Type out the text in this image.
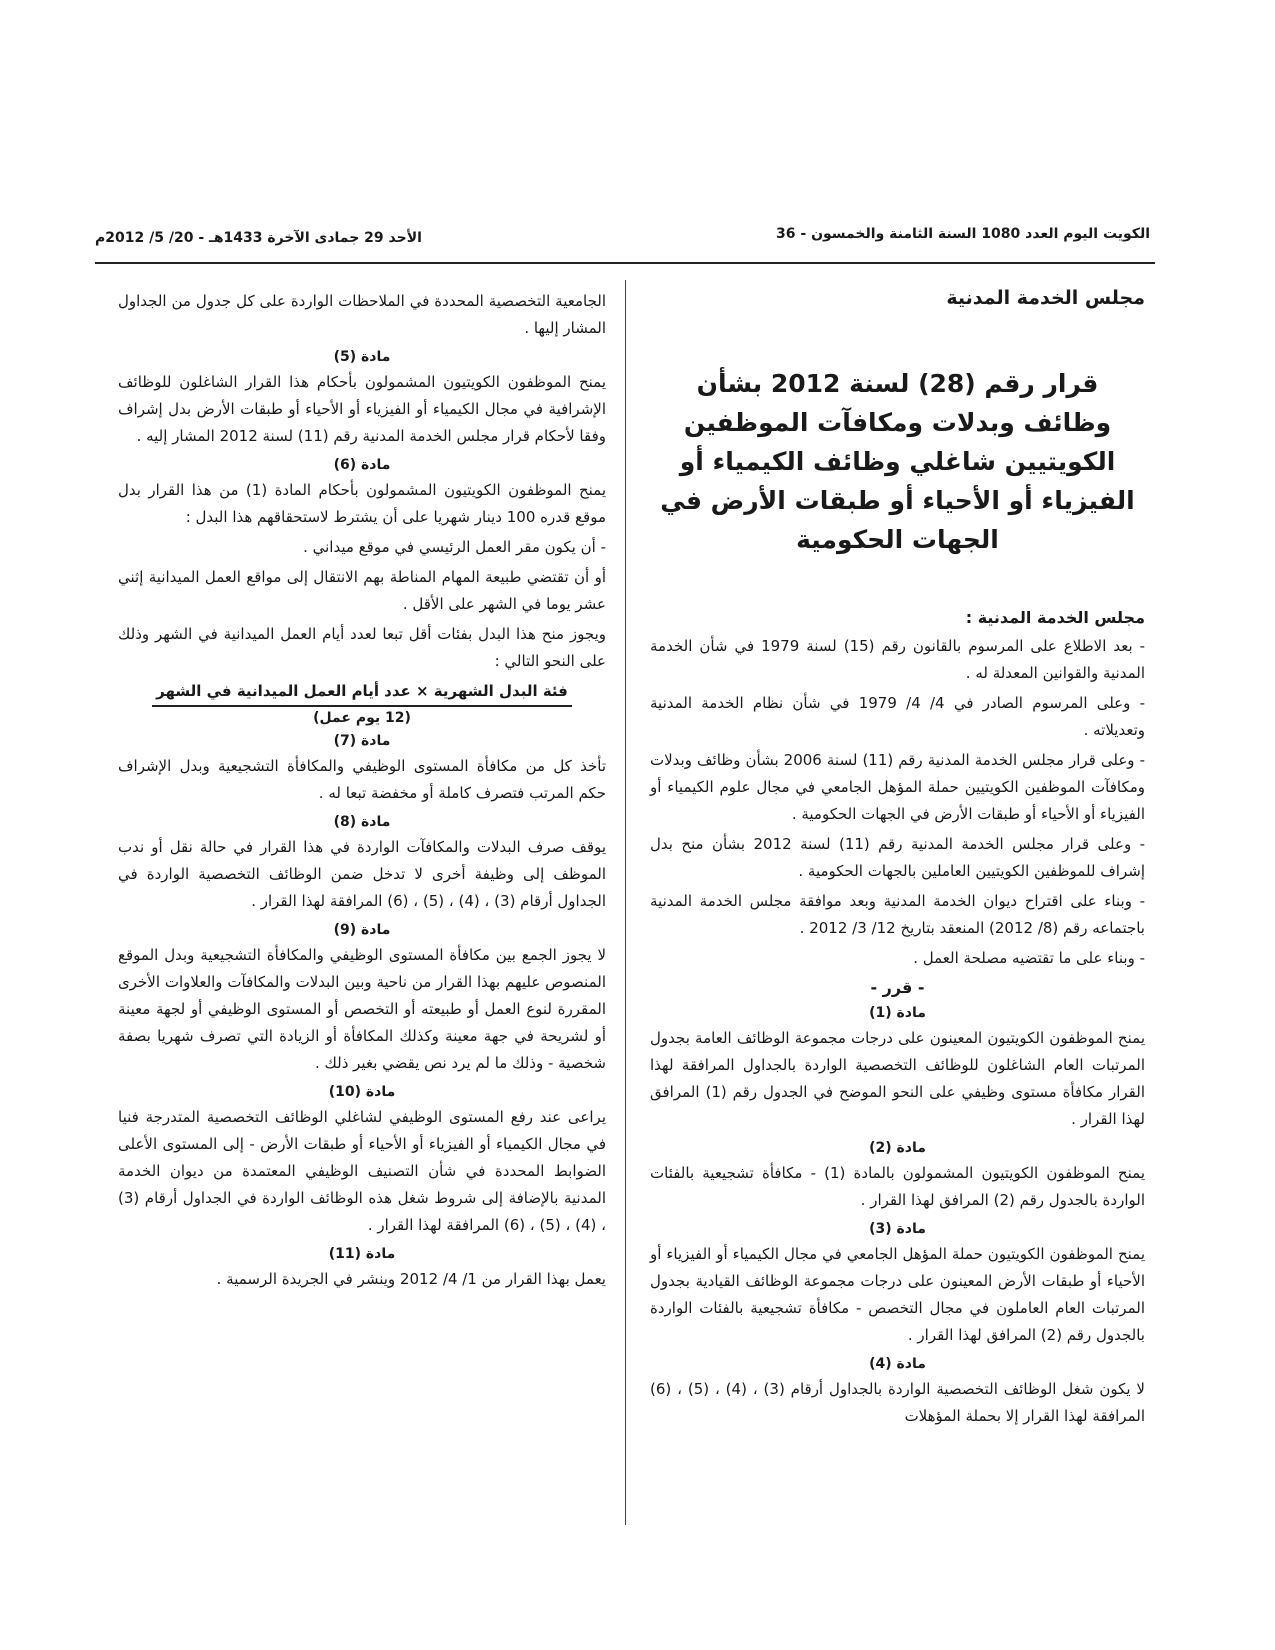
الكويت اليوم العدد 1080 السنة الثامنة والخمسون - 36
الأحد 29 جمادى الآخرة 1433هـ - 20/ 5/ 2012م
مجلس الخدمة المدنية
قرار رقم (28) لسنة 2012 بشأن وظائف وبدلات ومكافآت الموظفين الكويتيين شاغلي وظائف الكيمياء أو الفيزياء أو الأحياء أو طبقات الأرض في الجهات الحكومية
مجلس الخدمة المدنية :

- بعد الاطلاع على المرسوم بالقانون رقم (15) لسنة 1979 في شأن الخدمة المدنية والقوانين المعدلة له .

- وعلى المرسوم الصادر في 4/ 4/ 1979 في شأن نظام الخدمة المدنية وتعديلاته .

- وعلى قرار مجلس الخدمة المدنية رقم (11) لسنة 2006 بشأن وظائف وبدلات ومكافآت الموظفين الكويتيين حملة المؤهل الجامعي في مجال علوم الكيمياء أو الفيزياء أو الأحياء أو طبقات الأرض في الجهات الحكومية .

- وعلى قرار مجلس الخدمة المدنية رقم (11) لسنة 2012 بشأن منح بدل إشراف للموظفين الكويتيين العاملين بالجهات الحكومية .

- وبناء على اقتراح ديوان الخدمة المدنية وبعد موافقة مجلس الخدمة المدنية باجتماعه رقم (8/ 2012) المنعقد بتاريخ 12/ 3/ 2012 .

- وبناء على ما تقتضيه مصلحة العمل .

- قرر -
مادة (1)

يمنح الموظفون الكويتيون المعينون على درجات مجموعة الوظائف العامة بجدول المرتبات العام الشاغلون للوظائف التخصصية الواردة بالجداول المرافقة لهذا القرار مكافأة مستوى وظيفي على النحو الموضح في الجدول رقم (1) المرافق لهذا القرار .

مادة (2)

يمنح الموظفون الكويتيون المشمولون بالمادة (1) - مكافأة تشجيعية بالفئات الواردة بالجدول رقم (2) المرافق لهذا القرار .

مادة (3)

يمنح الموظفون الكويتيون حملة المؤهل الجامعي في مجال الكيمياء أو الفيزياء أو الأحياء أو طبقات الأرض المعينون على درجات مجموعة الوظائف القيادية بجدول المرتبات العام العاملون في مجال التخصص - مكافأة تشجيعية بالفئات الواردة بالجدول رقم (2) المرافق لهذا القرار .

مادة (4)

لا يكون شغل الوظائف التخصصية الواردة بالجداول أرقام (3) ، (4) ، (5) ، (6) المرافقة لهذا القرار إلا بحملة المؤهلات

الجامعية التخصصية المحددة في الملاحظات الواردة على كل جدول من الجداول المشار إليها .

مادة (5)

يمنح الموظفون الكويتيون المشمولون بأحكام هذا القرار الشاغلون للوظائف الإشرافية في مجال الكيمياء أو الفيزياء أو الأحياء أو طبقات الأرض بدل إشراف وفقا لأحكام قرار مجلس الخدمة المدنية رقم (11) لسنة 2012 المشار إليه .

مادة (6)

يمنح الموظفون الكويتيون المشمولون بأحكام المادة (1) من هذا القرار بدل موقع قدره 100 دينار شهريا على أن يشترط لاستحقاقهم هذا البدل :

- أن يكون مقر العمل الرئيسي في موقع ميداني .

أو أن تقتضي طبيعة المهام المناطة بهم الانتقال إلى مواقع العمل الميدانية إثني عشر يوما في الشهر على الأقل .

ويجوز منح هذا البدل بفئات أقل تبعا لعدد أيام العمل الميدانية في الشهر وذلك على النحو التالي :

فئة البدل الشهرية × عدد أيام العمل الميدانية في الشهر
(12 يوم عمل)
مادة (7)

تأخذ كل من مكافأة المستوى الوظيفي والمكافأة التشجيعية وبدل الإشراف حكم المرتب فتصرف كاملة أو مخفضة تبعا له .

مادة (8)

يوقف صرف البدلات والمكافآت الواردة في هذا القرار في حالة نقل أو ندب الموظف إلى وظيفة أخرى لا تدخل ضمن الوظائف التخصصية الواردة في الجداول أرقام (3) ، (4) ، (5) ، (6) المرافقة لهذا القرار .

مادة (9)

لا يجوز الجمع بين مكافأة المستوى الوظيفي والمكافأة التشجيعية وبدل الموقع المنصوص عليهم بهذا القرار من ناحية وبين البدلات والمكافآت والعلاوات الأخرى المقررة لنوع العمل أو طبيعته أو التخصص أو المستوى الوظيفي أو لجهة معينة أو لشريحة في جهة معينة وكذلك المكافأة أو الزيادة التي تصرف شهريا بصفة شخصية - وذلك ما لم يرد نص يقضي بغير ذلك .

مادة (10)

يراعى عند رفع المستوى الوظيفي لشاغلي الوظائف التخصصية المتدرجة فنيا في مجال الكيمياء أو الفيزياء أو الأحياء أو طبقات الأرض - إلى المستوى الأعلى الضوابط المحددة في شأن التصنيف الوظيفي المعتمدة من ديوان الخدمة المدنية بالإضافة إلى شروط شغل هذه الوظائف الواردة في الجداول أرقام (3) ، (4) ، (5) ، (6) المرافقة لهذا القرار .

مادة (11)

يعمل بهذا القرار من 1/ 4/ 2012 وينشر في الجريدة الرسمية .
